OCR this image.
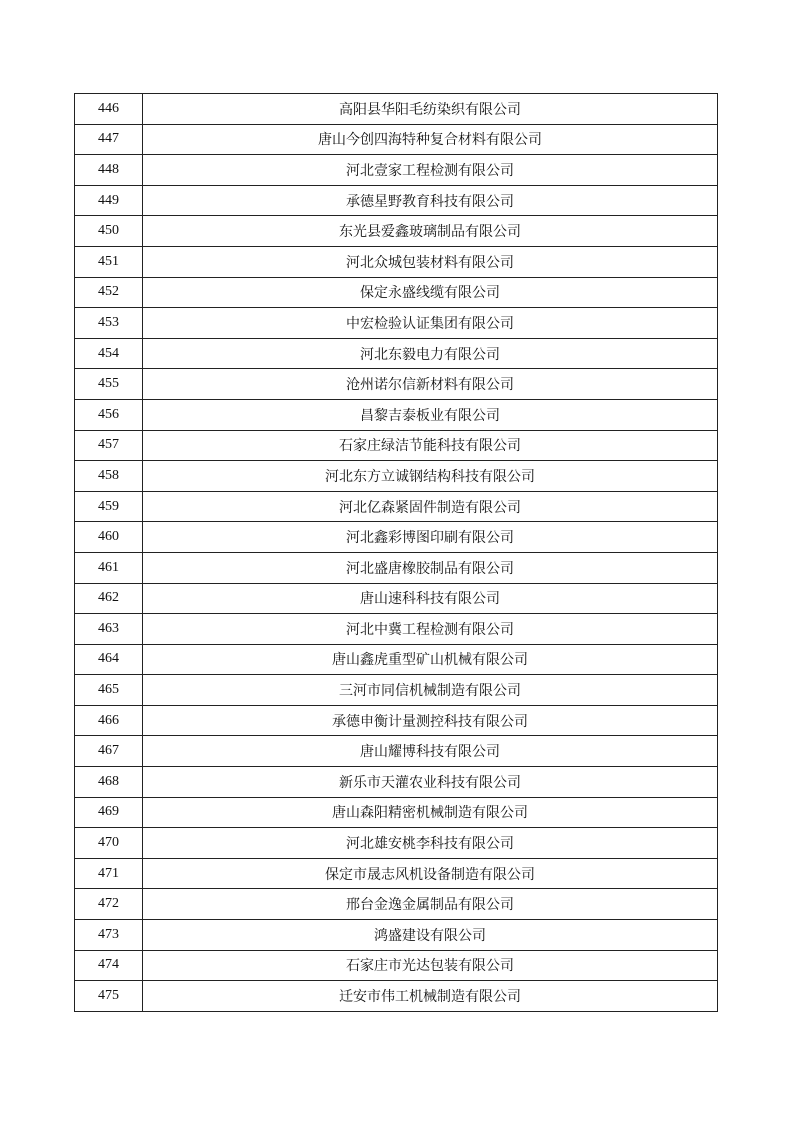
446	高阳县华阳毛纺染织有限公司
447	唐山今创四海特种复合材料有限公司
448	河北壹家工程检测有限公司
449	承德星野教育科技有限公司
450	东光县爱鑫玻璃制品有限公司
451	河北众城包装材料有限公司
452	保定永盛线缆有限公司
453	中宏检验认证集团有限公司
454	河北东毅电力有限公司
455	沧州诺尔信新材料有限公司
456	昌黎吉泰板业有限公司
457	石家庄绿洁节能科技有限公司
458	河北东方立诚钢结构科技有限公司
459	河北亿森紧固件制造有限公司
460	河北鑫彩博图印刷有限公司
461	河北盛唐橡胶制品有限公司
462	唐山速科科技有限公司
463	河北中冀工程检测有限公司
464	唐山鑫虎重型矿山机械有限公司
465	三河市同信机械制造有限公司
466	承德申衡计量测控科技有限公司
467	唐山耀博科技有限公司
468	新乐市天灌农业科技有限公司
469	唐山森阳精密机械制造有限公司
470	河北雄安桃李科技有限公司
471	保定市晟志风机设备制造有限公司
472	邢台金逸金属制品有限公司
473	鸿盛建设有限公司
474	石家庄市光达包装有限公司
475	迁安市伟工机械制造有限公司
